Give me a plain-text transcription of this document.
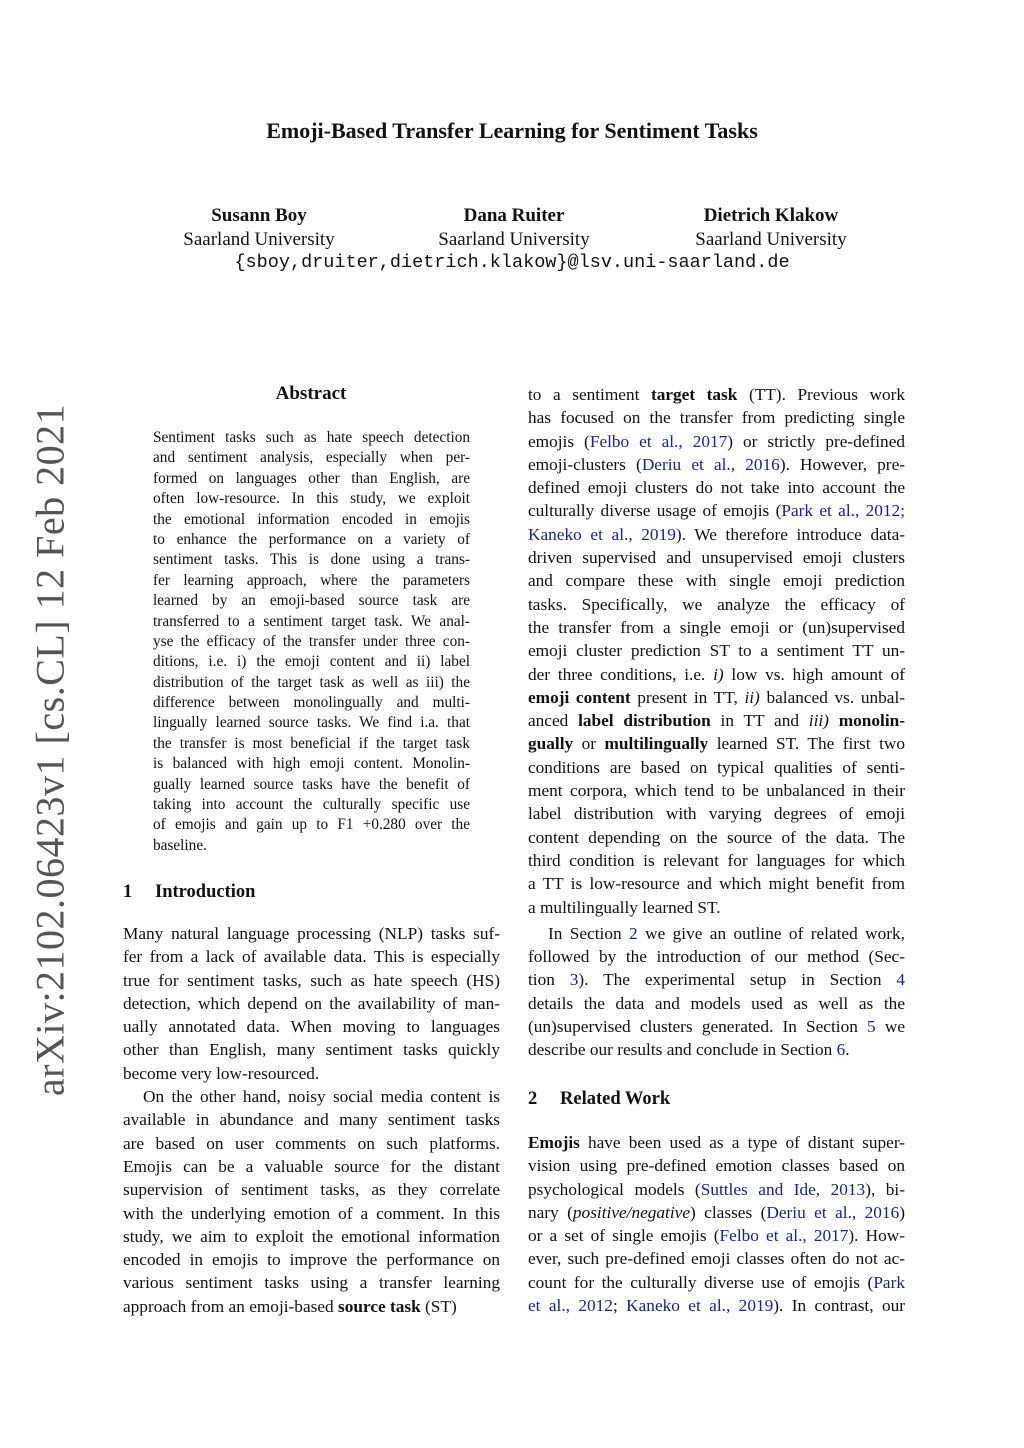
arXiv:2102.06423v1 [cs.CL] 12 Feb 2021
Emoji-Based Transfer Learning for Sentiment Tasks
Susann Boy
Saarland University
Dana Ruiter
Saarland University
Dietrich Klakow
Saarland University
{sboy,druiter,dietrich.klakow}@lsv.uni-saarland.de
Abstract
Sentiment tasks such as hate speech detection
and sentiment analysis, especially when per-
formed on languages other than English, are
often low-resource. In this study, we exploit
the emotional information encoded in emojis
to enhance the performance on a variety of
sentiment tasks. This is done using a trans-
fer learning approach, where the parameters
learned by an emoji-based source task are
transferred to a sentiment target task. We anal-
yse the efficacy of the transfer under three con-
ditions, i.e. i) the emoji content and ii) label
distribution of the target task as well as iii) the
difference between monolingually and multi-
lingually learned source tasks. We find i.a. that
the transfer is most beneficial if the target task
is balanced with high emoji content. Monolin-
gually learned source tasks have the benefit of
taking into account the culturally specific use
of emojis and gain up to F1 +0.280 over the
baseline.
1 Introduction
Many natural language processing (NLP) tasks suf-
fer from a lack of available data. This is especially
true for sentiment tasks, such as hate speech (HS)
detection, which depend on the availability of man-
ually annotated data. When moving to languages
other than English, many sentiment tasks quickly
become very low-resourced.
On the other hand, noisy social media content is
available in abundance and many sentiment tasks
are based on user comments on such platforms.
Emojis can be a valuable source for the distant
supervision of sentiment tasks, as they correlate
with the underlying emotion of a comment. In this
study, we aim to exploit the emotional information
encoded in emojis to improve the performance on
various sentiment tasks using a transfer learning
approach from an emoji-based source task (ST)
to a sentiment target task (TT). Previous work
has focused on the transfer from predicting single
emojis (Felbo et al., 2017) or strictly pre-defined
emoji-clusters (Deriu et al., 2016). However, pre-
defined emoji clusters do not take into account the
culturally diverse usage of emojis (Park et al., 2012;
Kaneko et al., 2019). We therefore introduce data-
driven supervised and unsupervised emoji clusters
and compare these with single emoji prediction
tasks. Specifically, we analyze the efficacy of
the transfer from a single emoji or (un)supervised
emoji cluster prediction ST to a sentiment TT un-
der three conditions, i.e. i) low vs. high amount of
emoji content present in TT, ii) balanced vs. unbal-
anced label distribution in TT and iii) monolin-
gually or multilingually learned ST. The first two
conditions are based on typical qualities of senti-
ment corpora, which tend to be unbalanced in their
label distribution with varying degrees of emoji
content depending on the source of the data. The
third condition is relevant for languages for which
a TT is low-resource and which might benefit from
a multilingually learned ST.
In Section 2 we give an outline of related work,
followed by the introduction of our method (Sec-
tion 3). The experimental setup in Section 4
details the data and models used as well as the
(un)supervised clusters generated. In Section 5 we
describe our results and conclude in Section 6.
2 Related Work
Emojis have been used as a type of distant super-
vision using pre-defined emotion classes based on
psychological models (Suttles and Ide, 2013), bi-
nary (positive/negative) classes (Deriu et al., 2016)
or a set of single emojis (Felbo et al., 2017). How-
ever, such pre-defined emoji classes often do not ac-
count for the culturally diverse use of emojis (Park
et al., 2012; Kaneko et al., 2019). In contrast, our
